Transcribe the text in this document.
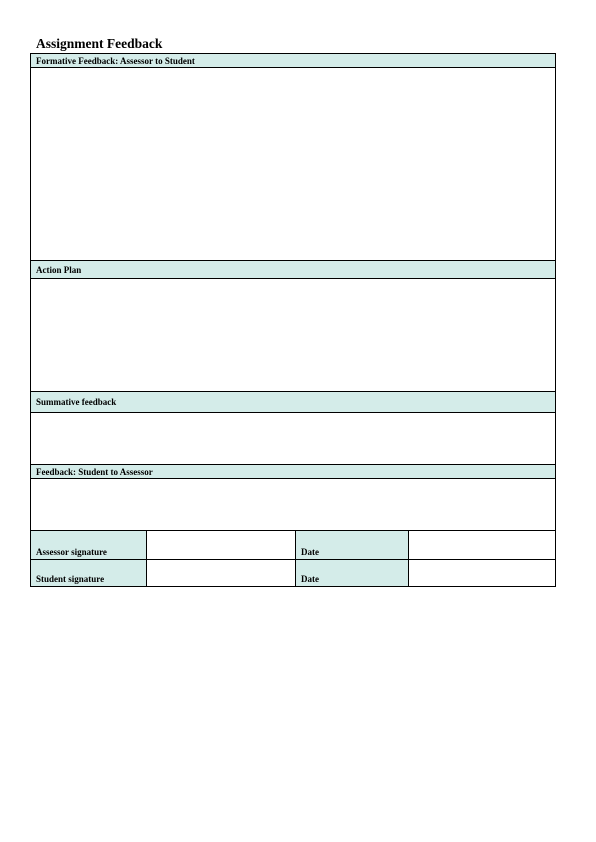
Assignment Feedback
Formative Feedback: Assessor to Student			

Action Plan			

Summative feedback			

Feedback: Student to Assessor			

Assessor signature		Date	
Student signature		Date	
